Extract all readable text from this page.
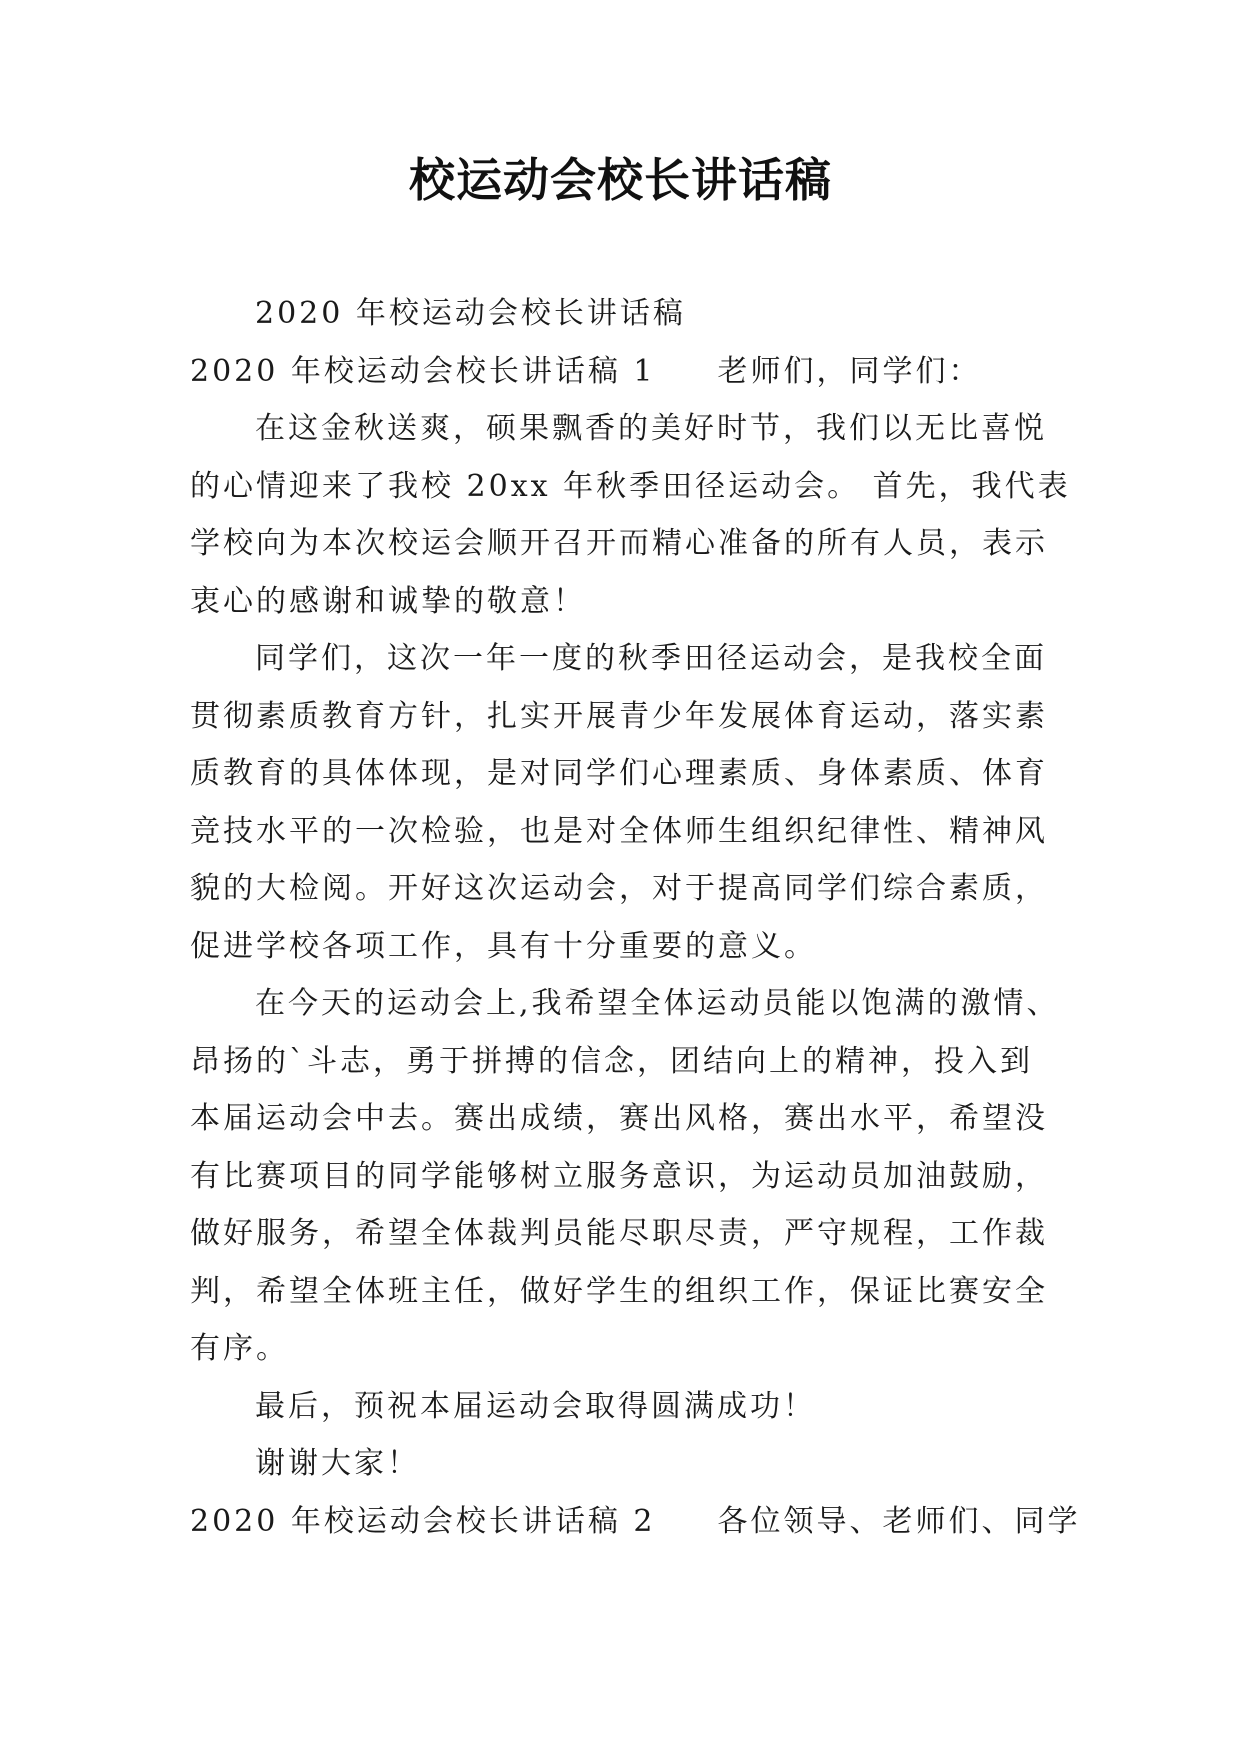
校运动会校长讲话稿
2020 年校运动会校长讲话稿
2020 年校运动会校长讲话稿 1 老师们，同学们：
在这金秋送爽，硕果飘香的美好时节，我们以无比喜悦
的心情迎来了我校 20xx 年秋季田径运动会。 首先，我代表
学校向为本次校运会顺开召开而精心准备的所有人员，表示
衷心的感谢和诚挚的敬意！
同学们，这次一年一度的秋季田径运动会，是我校全面
贯彻素质教育方针，扎实开展青少年发展体育运动，落实素
质教育的具体体现，是对同学们心理素质、身体素质、体育
竞技水平的一次检验，也是对全体师生组织纪律性、精神风
貌的大检阅。开好这次运动会，对于提高同学们综合素质，
促进学校各项工作，具有十分重要的意义。
在今天的运动会上,我希望全体运动员能以饱满的激情、
昂扬的`斗志，勇于拼搏的信念，团结向上的精神，投入到
本届运动会中去。赛出成绩，赛出风格，赛出水平，希望没
有比赛项目的同学能够树立服务意识，为运动员加油鼓励，
做好服务，希望全体裁判员能尽职尽责，严守规程，工作裁
判，希望全体班主任，做好学生的组织工作，保证比赛安全
有序。
最后，预祝本届运动会取得圆满成功！
谢谢大家！
2020 年校运动会校长讲话稿 2 各位领导、老师们、同学
